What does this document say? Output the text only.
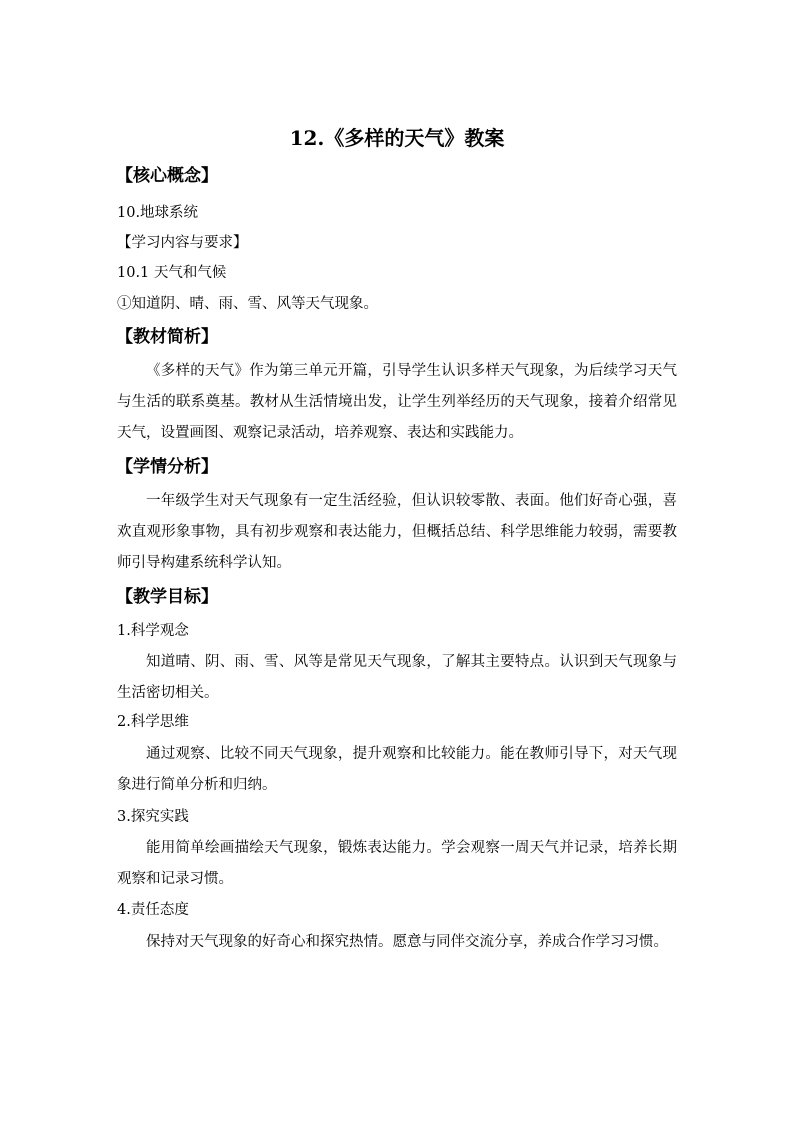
12.《多样的天气》教案
【核心概念】
10.地球系统
【学习内容与要求】
10.1 天气和气候
①知道阴、晴、雨、雪、风等天气现象。
【教材简析】

《多样的天气》作为第三单元开篇，引导学生认识多样天气现象，为后续学习天气与生活的联系奠基。教材从生活情境出发，让学生列举经历的天气现象，接着介绍常见天气，设置画图、观察记录活动，培养观察、表达和实践能力。

【学情分析】

一年级学生对天气现象有一定生活经验，但认识较零散、表面。他们好奇心强，喜欢直观形象事物，具有初步观察和表达能力，但概括总结、科学思维能力较弱，需要教师引导构建系统科学认知。

【教学目标】
1.科学观念

知道晴、阴、雨、雪、风等是常见天气现象，了解其主要特点。认识到天气现象与生活密切相关。

2.科学思维

通过观察、比较不同天气现象，提升观察和比较能力。能在教师引导下，对天气现象进行简单分析和归纳。

3.探究实践

能用简单绘画描绘天气现象，锻炼表达能力。学会观察一周天气并记录，培养长期观察和记录习惯。

4.责任态度

保持对天气现象的好奇心和探究热情。愿意与同伴交流分享，养成合作学习习惯。
